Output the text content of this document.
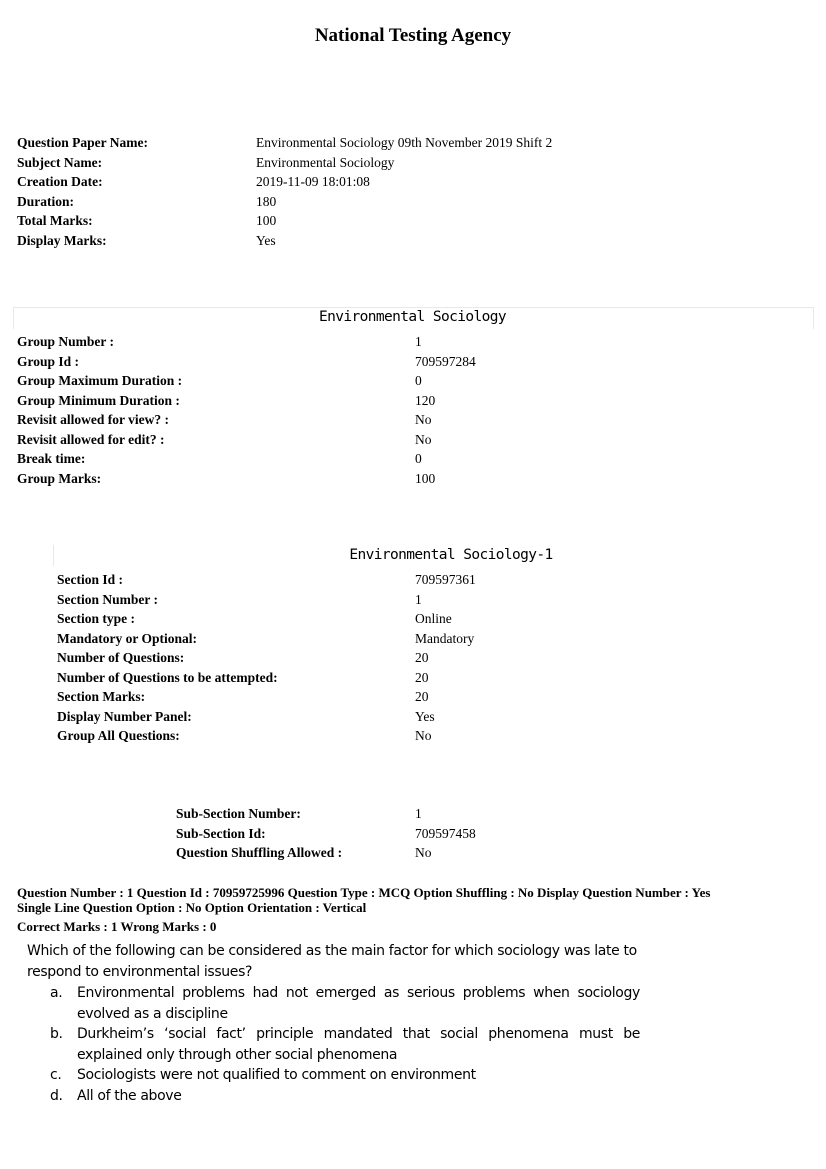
National Testing Agency
Question Paper Name:	Environmental Sociology 09th November 2019 Shift 2
Subject Name:	Environmental Sociology
Creation Date:	2019-11-09 18:01:08
Duration:	180
Total Marks:	100
Display Marks:	Yes
Environmental Sociology
Group Number :	1
Group Id :	709597284
Group Maximum Duration :	0
Group Minimum Duration :	120
Revisit allowed for view? :	No
Revisit allowed for edit? :	No
Break time:	0
Group Marks:	100
Environmental Sociology-1
Section Id :	709597361
Section Number :	1
Section type :	Online
Mandatory or Optional:	Mandatory
Number of Questions:	20
Number of Questions to be attempted:	20
Section Marks:	20
Display Number Panel:	Yes
Group All Questions:	No
Sub-Section Number:	1
Sub-Section Id:	709597458
Question Shuffling Allowed :	No
Question Number : 1 Question Id : 70959725996 Question Type : MCQ Option Shuffling : No Display Question Number : Yes
Single Line Question Option : No Option Orientation : Vertical
Correct Marks : 1 Wrong Marks : 0
Which of the following can be considered as the main factor for which sociology was late to respond to environmental issues?
a. Environmental problems had not emerged as serious problems when sociology evolved as a discipline
b. Durkheim’s ‘social fact’ principle mandated that social phenomena must be explained only through other social phenomena
c. Sociologists were not qualified to comment on environment
d. All of the above
